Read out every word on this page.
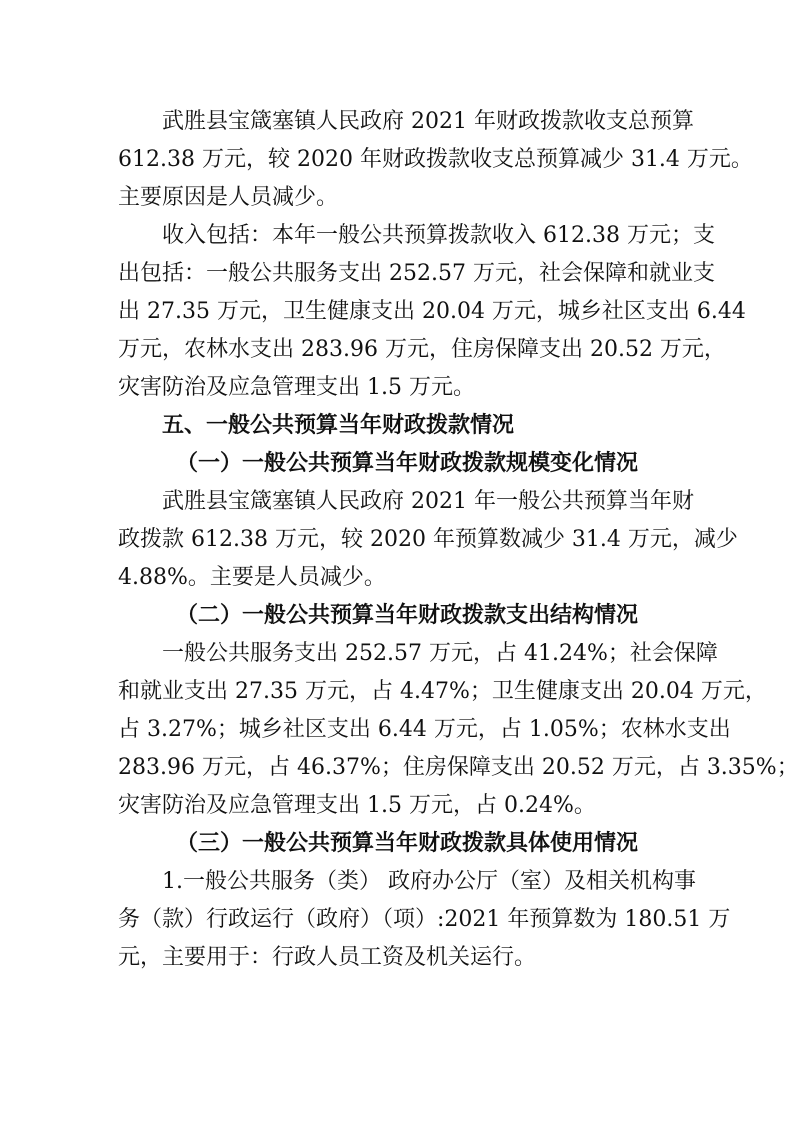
武胜县宝箴塞镇人民政府 2021 年财政拨款收支总预算
612.38 万元，较 2020 年财政拨款收支总预算减少 31.4 万元。
主要原因是人员减少。
收入包括：本年一般公共预算拨款收入 612.38 万元；支
出包括：一般公共服务支出 252.57 万元，社会保障和就业支
出 27.35 万元，卫生健康支出 20.04 万元，城乡社区支出 6.44
万元，农林水支出 283.96 万元，住房保障支出 20.52 万元，
灾害防治及应急管理支出 1.5 万元。
五、一般公共预算当年财政拨款情况
（一）一般公共预算当年财政拨款规模变化情况
武胜县宝箴塞镇人民政府 2021 年一般公共预算当年财
政拨款 612.38 万元，较 2020 年预算数减少 31.4 万元，减少
4.88%。主要是人员减少。
（二）一般公共预算当年财政拨款支出结构情况
一般公共服务支出 252.57 万元，占 41.24%；社会保障
和就业支出 27.35 万元，占 4.47%；卫生健康支出 20.04 万元，
占 3.27%；城乡社区支出 6.44 万元，占 1.05%；农林水支出
283.96 万元，占 46.37%；住房保障支出 20.52 万元，占 3.35%；
灾害防治及应急管理支出 1.5 万元，占 0.24%。
（三）一般公共预算当年财政拨款具体使用情况
1.一般公共服务（类） 政府办公厅（室）及相关机构事
务（款）行政运行（政府）（项）:2021 年预算数为 180.51 万
元，主要用于：行政人员工资及机关运行。
